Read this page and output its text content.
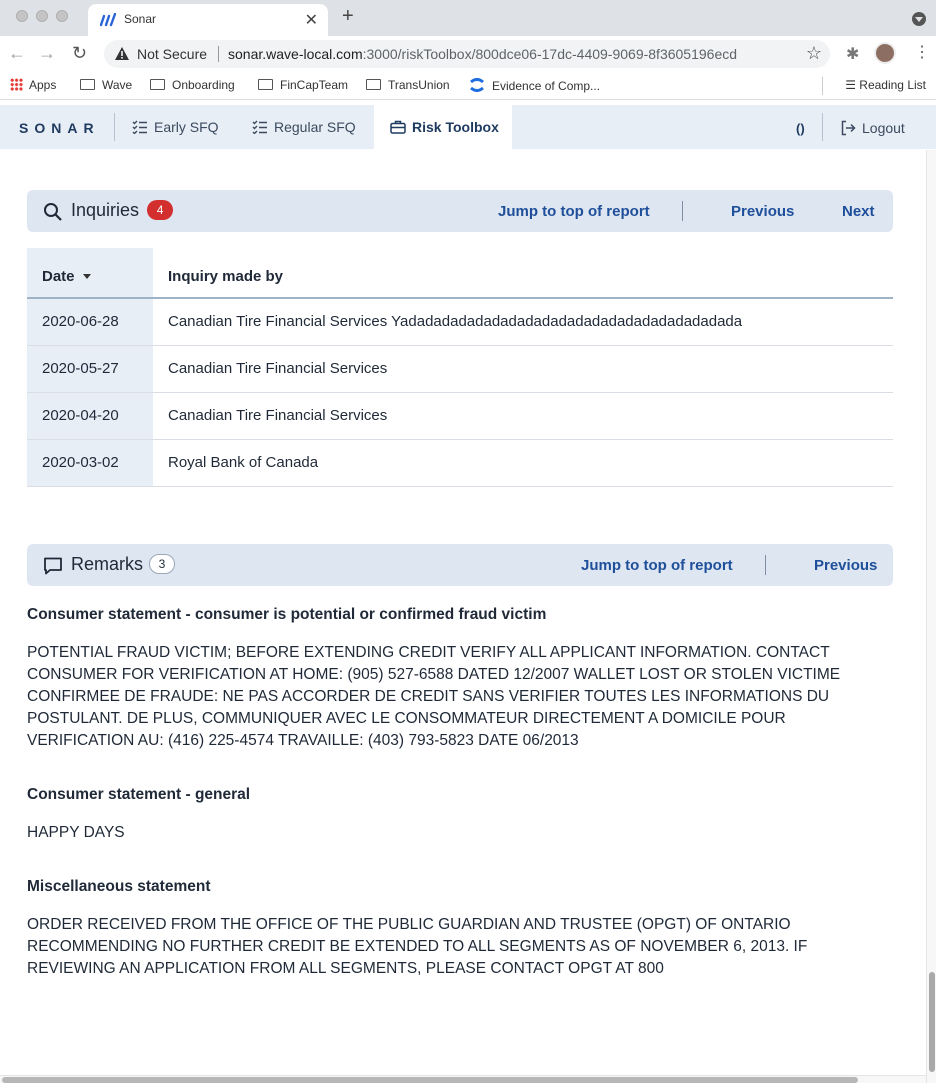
Sonar	✕ +
← → ↻	Not Secure sonar.wave-local.com:3000/riskToolbox/800dce06-17dc-4409-9069-8f3605196ecd	☆ ✱	⋮
Apps	Wave	Onboarding	FinCapTeam	TransUnion	Evidence of Comp...	☰ Reading List
SONAR	Early SFQ	Regular SFQ	Risk Toolbox	()	Logout
Inquiries 4	Jump to top of report	Previous	Next
Date	Inquiry made by
2020-06-28	Canadian Tire Financial Services Yadadadadadadadadadadadadadadadadadadadada
2020-05-27	Canadian Tire Financial Services
2020-04-20	Canadian Tire Financial Services
2020-03-02	Royal Bank of Canada
Remarks 3	Jump to top of report	Previous
Consumer statement - consumer is potential or confirmed fraud victim
POTENTIAL FRAUD VICTIM; BEFORE EXTENDING CREDIT VERIFY ALL APPLICANT INFORMATION. CONTACT CONSUMER FOR VERIFICATION AT HOME: (905) 527-6588 DATED 12/2007 WALLET LOST OR STOLEN VICTIME CONFIRMEE DE FRAUDE: NE PAS ACCORDER DE CREDIT SANS VERIFIER TOUTES LES INFORMATIONS DU POSTULANT. DE PLUS, COMMUNIQUER AVEC LE CONSOMMATEUR DIRECTEMENT A DOMICILE POUR VERIFICATION AU: (416) 225-4574 TRAVAILLE: (403) 793-5823 DATE 06/2013
Consumer statement - general
HAPPY DAYS
Miscellaneous statement
ORDER RECEIVED FROM THE OFFICE OF THE PUBLIC GUARDIAN AND TRUSTEE (OPGT) OF ONTARIO RECOMMENDING NO FURTHER CREDIT BE EXTENDED TO ALL SEGMENTS AS OF NOVEMBER 6, 2013. IF REVIEWING AN APPLICATION FROM ALL SEGMENTS, PLEASE CONTACT OPGT AT 800
